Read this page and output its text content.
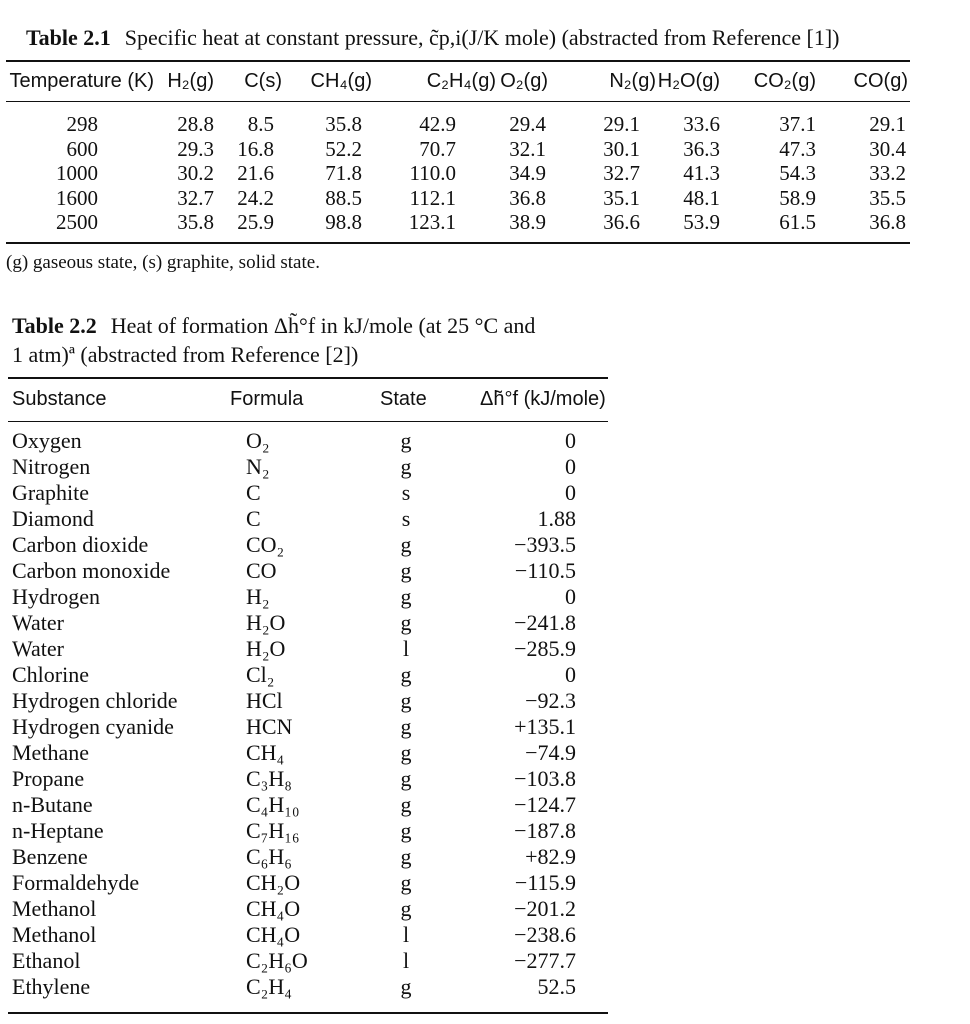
Table 2.1 Specific heat at constant pressure, c̃p,i(J/K mole) (abstracted from Reference [1])
Temperature (K) H₂(g) C(s) CH₄(g)	C₂H₄(g) O₂(g)	N₂(g) H₂O(g) CO₂(g) CO(g)
298	28.8 8.5 35.8	42.9	29.4	29.1 33.6	37.1	29.1
600	29.3 16.8 52.2	70.7	32.1	30.1 36.3	47.3	30.4
1000	30.2 21.6 71.8 110.0	34.9	32.7 41.3	54.3	33.2
1600	32.7 24.2 88.5 112.1	36.8	35.1 48.1	58.9	35.5
2500	35.8 25.9 98.8 123.1	38.9	36.6 53.9	61.5	36.8
(g) gaseous state, (s) graphite, solid state.
Table 2.2 Heat of formation Δh̃°f in kJ/mole (at 25 °C and
1 atm)ª (abstracted from Reference [2])
Substance	Formula	State	Δh̃°f (kJ/mole)
Oxygen	O₂	g	0
Nitrogen	N₂	g	0
Graphite	C	s	0
Diamond	C	s	1.88
Carbon dioxide	CO₂	g	−393.5
Carbon monoxide	CO	g	−110.5
Hydrogen	H₂	g	0
Water	H₂O	g	−241.8
Water	H₂O	l	−285.9
Chlorine	Cl₂	g	0
Hydrogen chloride	HCl	g	−92.3
Hydrogen cyanide	HCN	g	+135.1
Methane	CH₄	g	−74.9
Propane	C₃H₈	g	−103.8
n-Butane	C₄H₁₀	g	−124.7
n-Heptane	C₇H₁₆	g	−187.8
Benzene	C₆H₆	g	+82.9
Formaldehyde	CH₂O	g	−115.9
Methanol	CH₄O	g	−201.2
Methanol	CH₄O	l	−238.6
Ethanol	C₂H₆O	l	−277.7
Ethylene	C₂H₄	g	52.5
